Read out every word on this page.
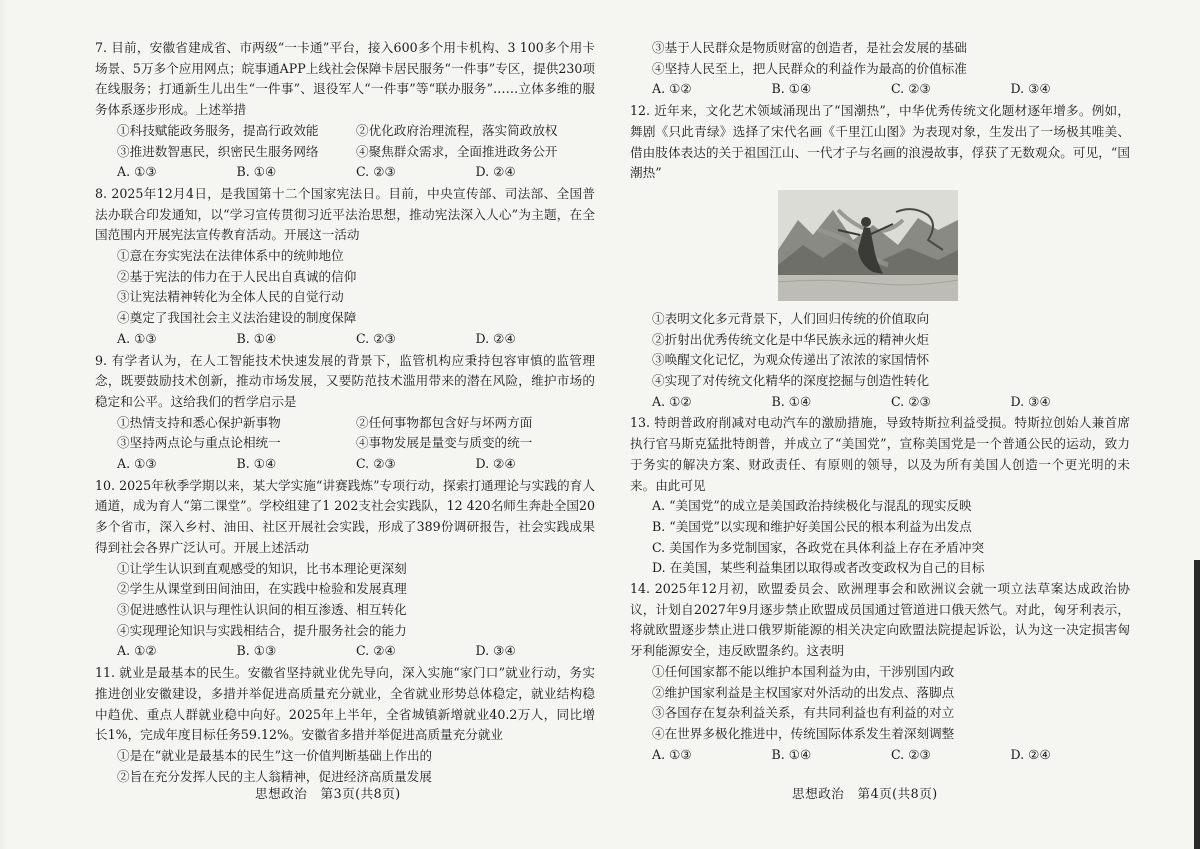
7. 目前，安徽省建成省、市两级“一卡通”平台，接入600多个用卡机构、3 100多个用卡场景、5万多个应用网点；皖事通APP上线社会保障卡居民服务“一件事”专区，提供230项在线服务；打通新生儿出生“一件事”、退役军人“一件事”等“联办服务”……立体多维的服务体系逐步形成。上述举措

①科技赋能政务服务，提高行政效能	②优化政府治理流程，落实简政放权
③推进数智惠民，织密民生服务网络	④聚焦群众需求，全面推进政务公开
A. ①③	B. ①④	C. ②③	D. ②④

8. 2025年12月4日，是我国第十二个国家宪法日。目前，中央宣传部、司法部、全国普法办联合印发通知，以“学习宣传贯彻习近平法治思想，推动宪法深入人心”为主题，在全国范围内开展宪法宣传教育活动。开展这一活动

①意在夯实宪法在法律体系中的统帅地位

②基于宪法的伟力在于人民出自真诚的信仰

③让宪法精神转化为全体人民的自觉行动

④奠定了我国社会主义法治建设的制度保障

A. ①③	B. ①④	C. ②③	D. ②④

9. 有学者认为，在人工智能技术快速发展的背景下，监管机构应秉持包容审慎的监管理念，既要鼓励技术创新，推动市场发展，又要防范技术滥用带来的潜在风险，维护市场的稳定和公平。这给我们的哲学启示是

①热情支持和悉心保护新事物	②任何事物都包含好与坏两方面
③坚持两点论与重点论相统一	④事物发展是量变与质变的统一
A. ①③	B. ①④	C. ②③	D. ②④

10. 2025年秋季学期以来，某大学实施“讲赛践炼”专项行动，探索打通理论与实践的育人通道，成为育人“第二课堂”。学校组建了1 202支社会实践队，12 420名师生奔赴全国20多个省市，深入乡村、油田、社区开展社会实践，形成了389份调研报告，社会实践成果得到社会各界广泛认可。开展上述活动

①让学生认识到直观感受的知识，比书本理论更深刻

②学生从课堂到田间油田，在实践中检验和发展真理

③促进感性认识与理性认识间的相互渗透、相互转化

④实现理论知识与实践相结合，提升服务社会的能力

A. ①②	B. ①③	C. ②④	D. ③④

11. 就业是最基本的民生。安徽省坚持就业优先导向，深入实施“家门口”就业行动，务实推进创业安徽建设，多措并举促进高质量充分就业，全省就业形势总体稳定，就业结构稳中趋优、重点人群就业稳中向好。2025年上半年，全省城镇新增就业40.2万人，同比增长1%，完成年度目标任务59.12%。安徽省多措并举促进高质量充分就业

①是在“就业是最基本的民生”这一价值判断基础上作出的

②旨在充分发挥人民的主人翁精神，促进经济高质量发展

③基于人民群众是物质财富的创造者，是社会发展的基础

④坚持人民至上，把人民群众的利益作为最高的价值标准

A. ①②	B. ①④	C. ②③	D. ③④

12. 近年来，文化艺术领域涌现出了“国潮热”，中华优秀传统文化题材逐年增多。例如，舞剧《只此青绿》选择了宋代名画《千里江山图》为表现对象，生发出了一场极其唯美、借由肢体表达的关于祖国江山、一代才子与名画的浪漫故事，俘获了无数观众。可见，“国潮热”

①表明文化多元背景下，人们回归传统的价值取向

②折射出优秀传统文化是中华民族永远的精神火炬

③唤醒文化记忆，为观众传递出了浓浓的家国情怀

④实现了对传统文化精华的深度挖掘与创造性转化

A. ①②	B. ①④	C. ②③	D. ③④

13. 特朗普政府削减对电动汽车的激励措施，导致特斯拉利益受损。特斯拉创始人兼首席执行官马斯克猛批特朗普，并成立了“美国党”，宣称美国党是一个普通公民的运动，致力于务实的解决方案、财政责任、有原则的领导，以及为所有美国人创造一个更光明的未来。由此可见

A. “美国党”的成立是美国政治持续极化与混乱的现实反映

B. “美国党”以实现和维护好美国公民的根本利益为出发点

C. 美国作为多党制国家，各政党在具体利益上存在矛盾冲突

D. 在美国，某些利益集团以取得或者改变政权为自己的目标

14. 2025年12月初，欧盟委员会、欧洲理事会和欧洲议会就一项立法草案达成政治协议，计划自2027年9月逐步禁止欧盟成员国通过管道进口俄天然气。对此，匈牙利表示，将就欧盟逐步禁止进口俄罗斯能源的相关决定向欧盟法院提起诉讼，认为这一决定损害匈牙利能源安全，违反欧盟条约。这表明

①任何国家都不能以维护本国利益为由，干涉别国内政

②维护国家利益是主权国家对外活动的出发点、落脚点

③各国存在复杂利益关系，有共同利益也有利益的对立

④在世界多极化推进中，传统国际体系发生着深刻调整

A. ①③	B. ①④	C. ②③	D. ②④
思想政治　第3页(共8页)	思想政治　第4页(共8页)
